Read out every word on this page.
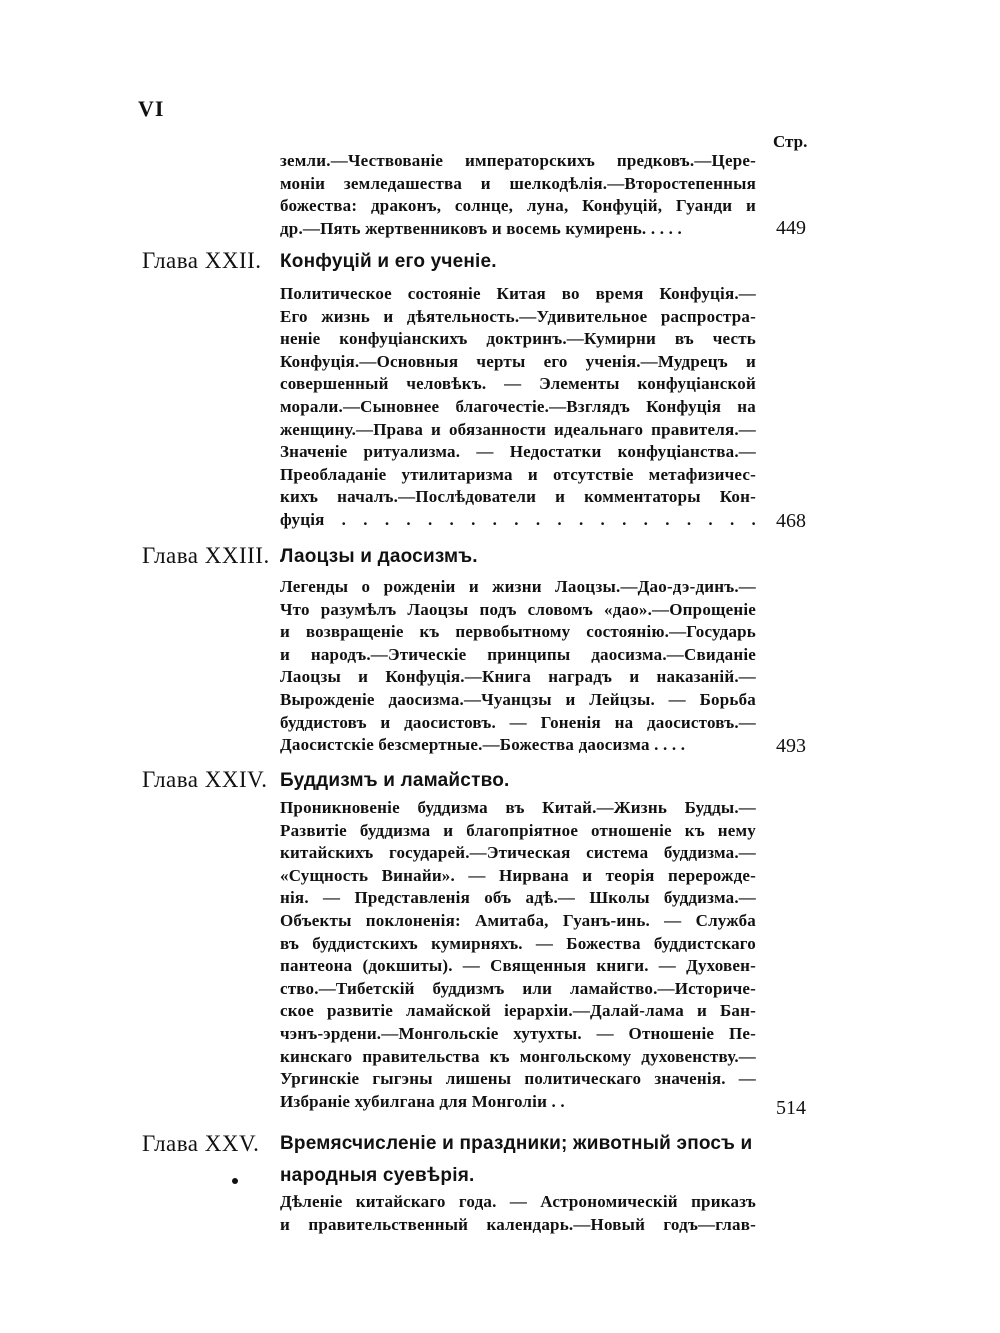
VI
Стр.
земли.—Чествованіе императорскихъ предковъ.—Цере-
моніи земледашества и шелкодѣлія.—Второстепенныя
божества: драконъ, солнце, луна, Конфуцій, Гуанди и
др.—Пять жертвенниковъ и восемь кумирень. . . . .	449
Глава XXII. Конфуцій и его ученіе.
Политическое состояніе Китая во время Конфуція.—
Его жизнь и дѣятельность.—Удивительное распростра-
неніе конфуціанскихъ доктринъ.—Кумирни въ честь
Конфуція.—Основныя черты его ученія.—Мудрецъ и
совершенный человѣкъ. — Элементы конфуціанской
морали.—Сыновнее благочестіе.—Взглядъ Конфуція на
женщину.—Права и обязанности идеальнаго правителя.—
Значеніе ритуализма. — Недостатки конфуціанства.—
Преобладаніе утилитаризма и отсутствіе метафизичес-
кихъ началъ.—Послѣдователи и комментаторы Кон-
фуція . . . . . . . . . . . . . . . . . . . . 468
Глава XXIII. Лаоцзы и даосизмъ.
Легенды о рожденіи и жизни Лаоцзы.—Дао-дэ-динъ.—
Что разумѣлъ Лаоцзы подъ словомъ «дао».—Опрощеніе
и возвращеніе къ первобытному состоянію.—Государь
и народъ.—Этическіе принципы даосизма.—Свиданіе
Лаоцзы и Конфуція.—Книга наградъ и наказаній.—
Вырожденіе даосизма.—Чуанцзы и Лейцзы. — Борьба
буддистовъ и даосистовъ. — Гоненія на даосистовъ.—
Даосистскіе безсмертные.—Божества даосизма . . . .	493
Глава XXIV. Буддизмъ и ламайство.
Проникновеніе буддизма въ Китай.—Жизнь Будды.—
Развитіе буддизма и благопріятное отношеніе къ нему
китайскихъ государей.—Этическая система буддизма.—
«Сущность Винайи». — Нирвана и теорія перерожде-
нія. — Представленія объ адѣ.— Школы буддизма.—
Объекты поклоненія: Амитаба, Гуанъ-инь. — Служба
въ буддистскихъ кумирняхъ. — Божества буддистскаго
пантеона (докшиты). — Священныя книги. — Духовен-
ство.—Тибетскій буддизмъ или ламайство.—Историче-
ское развитіе ламайской іерархіи.—Далай-лама и Бан-
чэнъ-эрдени.—Монгольскіе хутухты. — Отношеніе Пе-
кинскаго правительства къ монгольскому духовенству.—
Ургинскіе гыгэны лишены политическаго значенія. —
Избраніе хубилгана для Монголіи . .	514
Глава XXV.	Времясчисленіе и праздники; животный эпосъ и
народныя суевѣрія.
Дѣленіе китайскаго года. — Астрономическій приказъ
и правительственный календарь.—Новый годъ—глав-
